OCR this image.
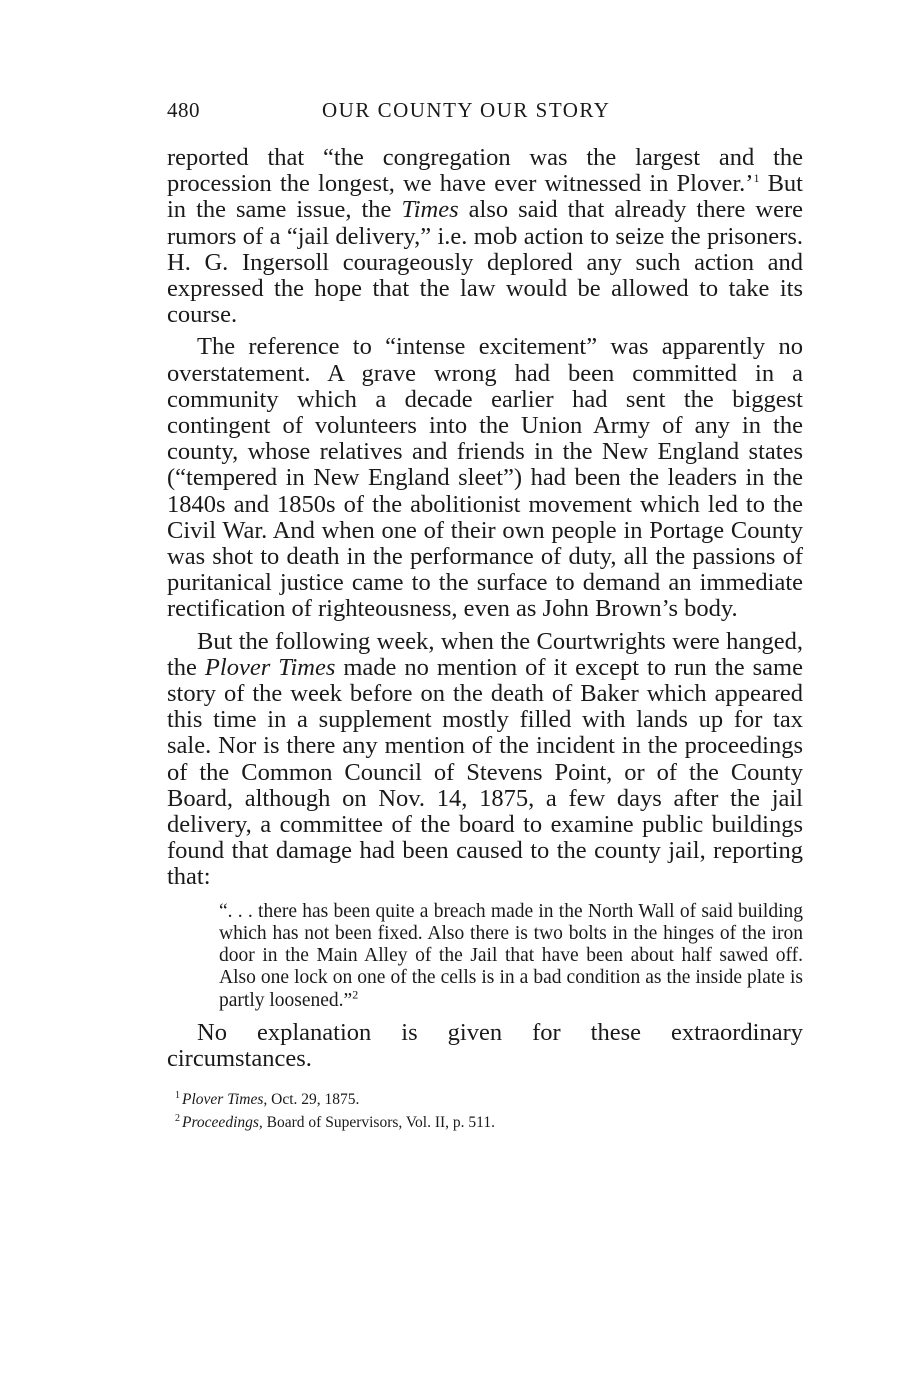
480	OUR COUNTY OUR STORY

reported that “the congregation was the largest and the procession the longest, we have ever witnessed in Plover.’$^1$ But in the same issue, the Times also said that already there were rumors of a “jail delivery,” i.e. mob action to seize the prisoners. H. G. Ingersoll courageously deplored any such action and expressed the hope that the law would be allowed to take its course.

The reference to “intense excitement” was apparently no overstatement. A grave wrong had been committed in a community which a decade earlier had sent the biggest contingent of volunteers into the Union Army of any in the county, whose relatives and friends in the New England states (“tempered in New England sleet”) had been the leaders in the 1840s and 1850s of the abolitionist movement which led to the Civil War. And when one of their own people in Portage County was shot to death in the performance of duty, all the passions of puritanical justice came to the surface to demand an immediate rectification of righteousness, even as John Brown’s body.

But the following week, when the Courtwrights were hanged, the Plover Times made no mention of it except to run the same story of the week before on the death of Baker which appeared this time in a supplement mostly filled with lands up for tax sale. Nor is there any mention of the incident in the proceedings of the Common Council of Stevens Point, or of the County Board, although on Nov. 14, 1875, a few days after the jail delivery, a committee of the board to examine public buildings found that damage had been caused to the county jail, reporting that:

“. . . there has been quite a breach made in the North Wall of said building which has not been fixed. Also there is two bolts in the hinges of the iron door in the Main Alley of the Jail that have been about half sawed off. Also one lock on one of the cells is in a bad condition as the inside plate is partly loosened.”$^2$

No explanation is given for these extraordinary circumstances.

$^1$ Plover Times, Oct. 29, 1875.
$^2$ Proceedings, Board of Supervisors, Vol. II, p. 511.
